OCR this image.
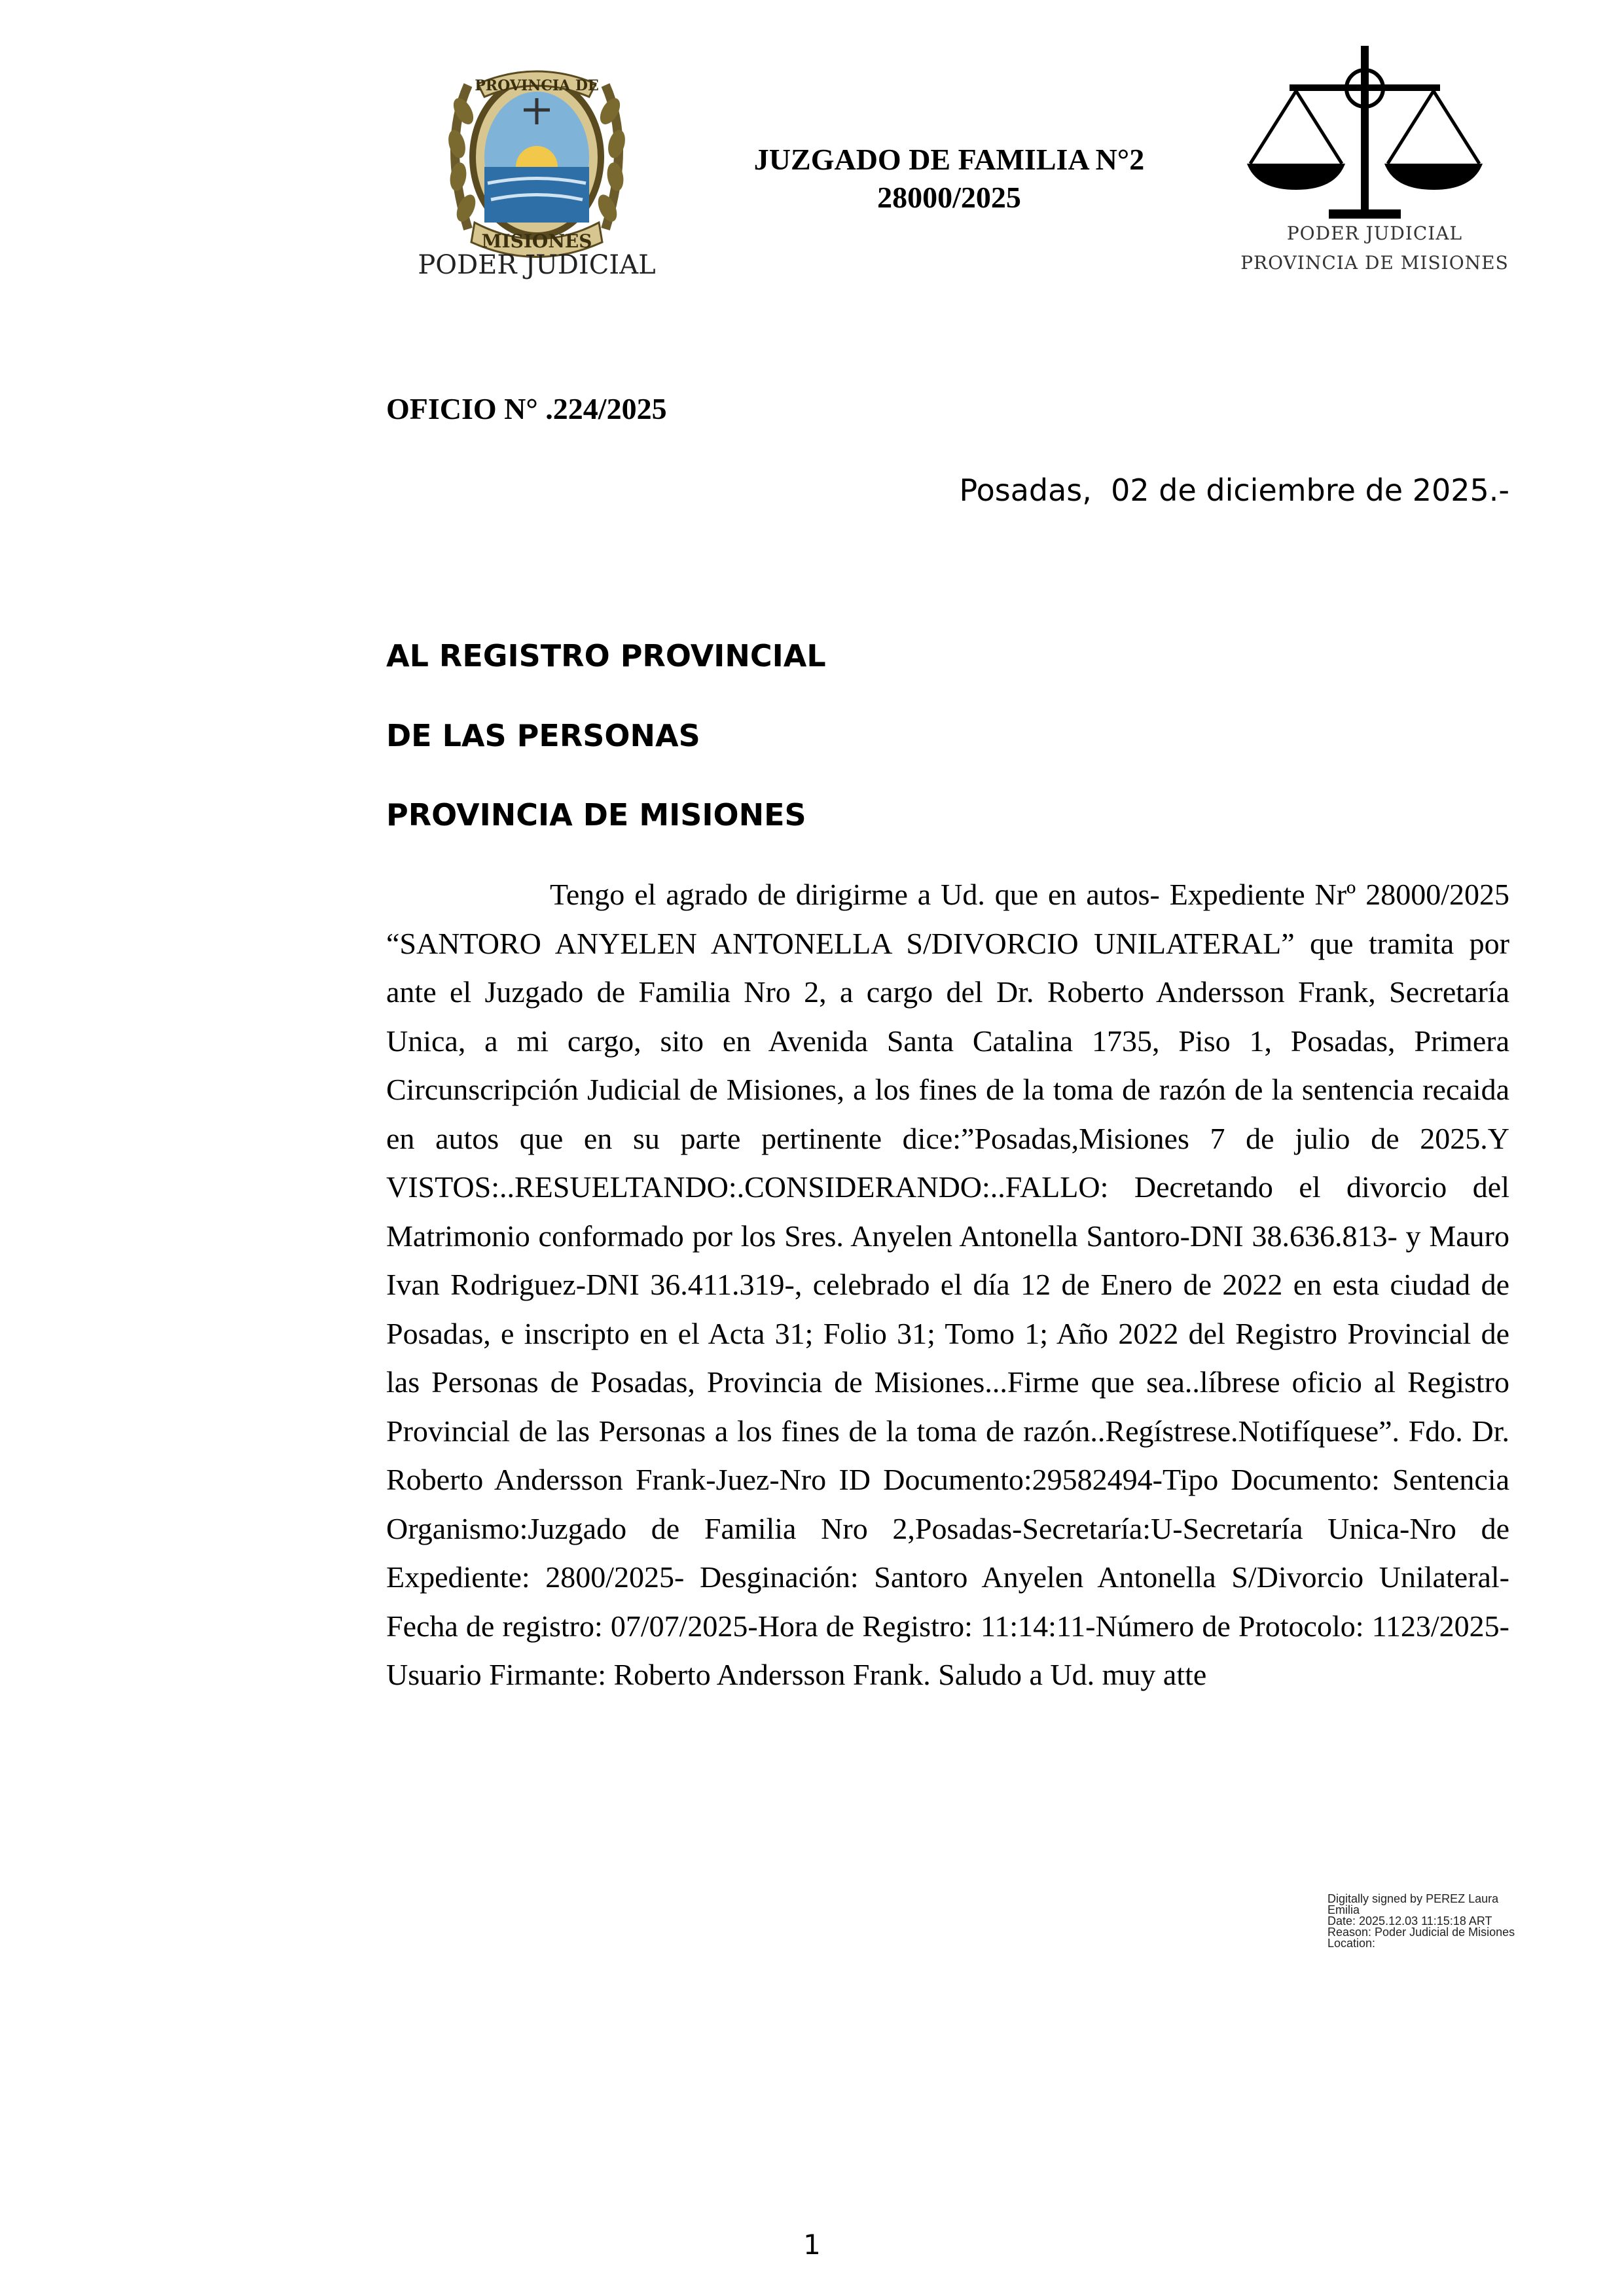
PROVINCIA DE
MISIONES
PODER JUDICIAL
PODER JUDICIAL
PROVINCIA DE MISIONES
JUZGADO DE FAMILIA N°2
28000/2025
OFICIO N° .224/2025
Posadas,  02 de diciembre de 2025.-
AL REGISTRO PROVINCIAL
DE LAS PERSONAS
PROVINCIA DE MISIONES

Tengo el agrado de dirigirme a Ud. que en autos- Expediente Nrº 28000/2025 “SANTORO ANYELEN ANTONELLA S/DIVORCIO UNILATERAL” que tramita por ante el Juzgado de Familia Nro 2, a cargo del Dr. Roberto Andersson Frank, Secretaría Unica, a mi cargo, sito en Avenida Santa Catalina 1735, Piso 1, Posadas, Primera Circunscripción Judicial de Misiones, a los fines de la toma de razón de la sentencia recaida en autos que en su parte pertinente dice:”Posadas,Misiones 7 de julio de 2025.Y VISTOS:..RESUELTANDO:.CONSIDERANDO:..FALLO: Decretando el divorcio del Matrimonio conformado por los Sres. Anyelen Antonella Santoro-DNI 38.636.813- y Mauro Ivan Rodriguez-DNI 36.411.319-, celebrado el día 12 de Enero de 2022 en esta ciudad de Posadas, e inscripto en el Acta 31; Folio 31; Tomo 1; Año 2022 del Registro Provincial de las Personas de Posadas, Provincia de Misiones...Firme que sea..líbrese oficio al Registro Provincial de las Personas a los fines de la toma de razón..Regístrese.Notifíquese”. Fdo. Dr. Roberto Andersson Frank-Juez-Nro ID Documento:29582494-Tipo Documento: Sentencia Organismo:Juzgado de Familia Nro 2,Posadas-Secretaría:U-Secretaría Unica-Nro de Expediente: 2800/2025- Desginación: Santoro Anyelen Antonella S/Divorcio Unilateral-Fecha de registro: 07/07/2025-Hora de Registro: 11:14:11-Número de Protocolo: 1123/2025-Usuario Firmante: Roberto Andersson Frank. Saludo a Ud. muy atte

Digitally signed by PEREZ Laura
Emilia
Date: 2025.12.03 11:15:18 ART
Reason: Poder Judicial de Misiones
Location:
1
